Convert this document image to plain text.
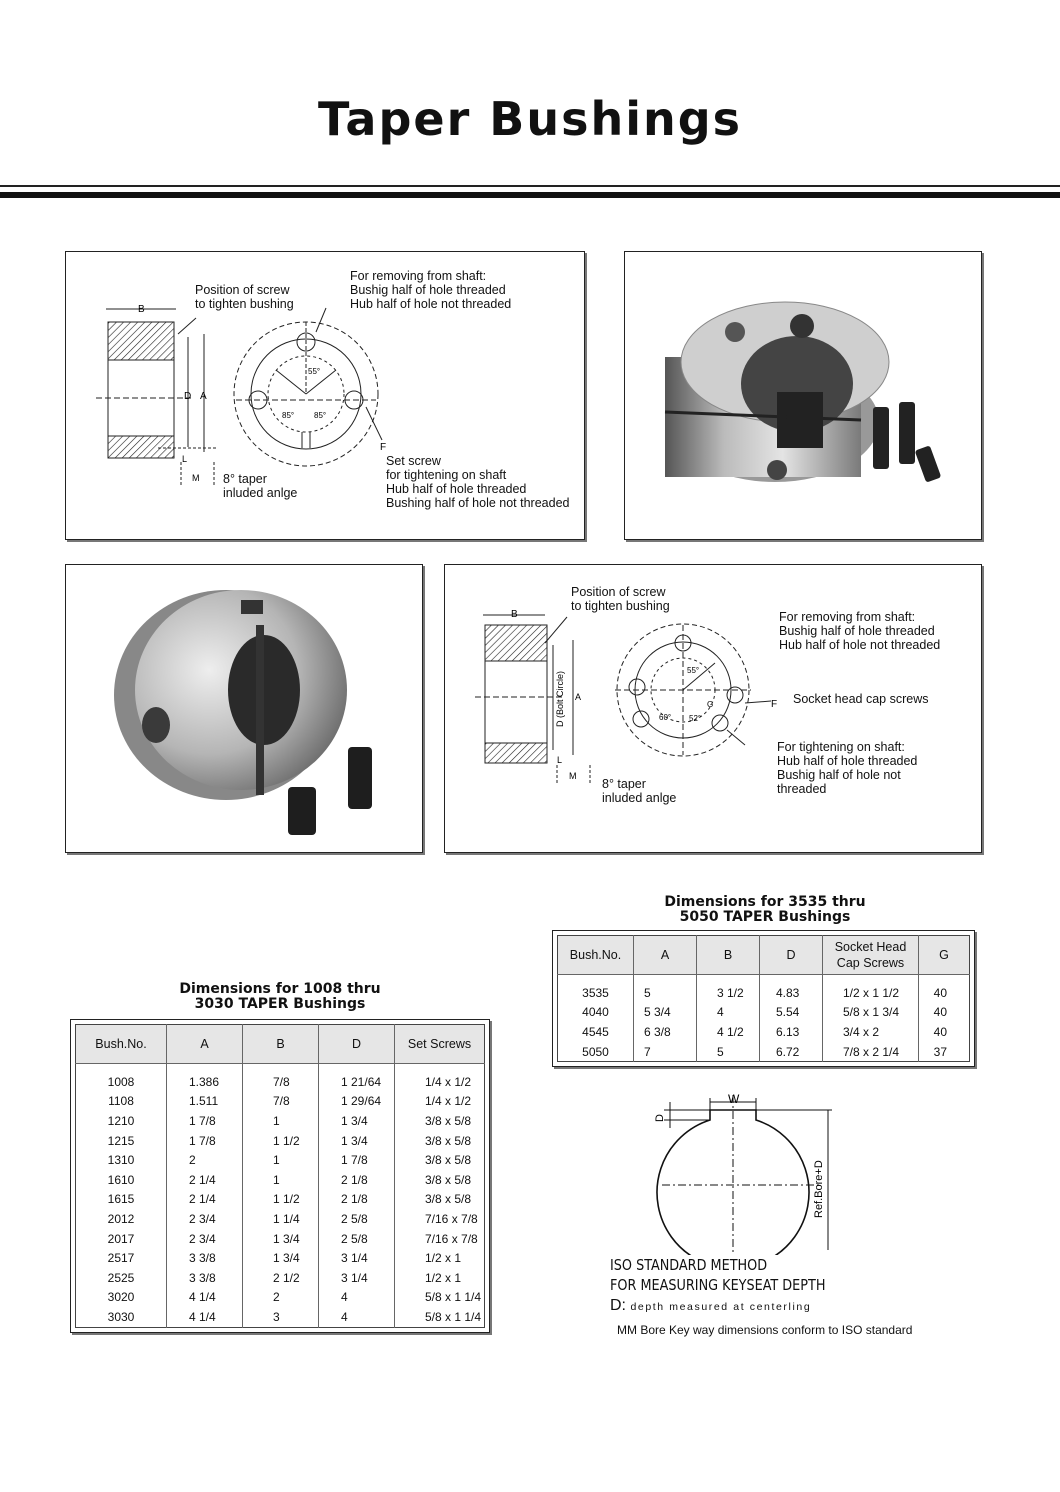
Taper Bushings
B
D A
L
M
F
55°
85° 85°
Position of screw
to tighten bushing
For removing from shaft:
Bushig half of hole threaded
Hub half of hole not threaded
Set screw
for tightening on shaft
Hub half of hole threaded
Bushing half of hole not threaded
8° taper
inluded anlge
B
D (Bolt Circle) A
L
M
F
55°
60° 52°
G
Position of screw
to tighten bushing
For removing from shaft:
Bushig half of hole threaded
Hub half of hole not threaded
Socket head cap screws
For tightening on shaft:
Hub half of hole threaded
Bushig half of hole not
threaded
8° taper
inluded anlge
Dimensions for 1008 thru
3030 TAPER Bushings
Bush.No.	A	B	D	Set Screws
1008	1.386	7/8	1 21/64	1/4 x 1/2
1108	1.511	7/8	1 29/64	1/4 x 1/2
1210	1 7/8	1	1 3/4	3/8 x 5/8
1215	1 7/8	1 1/2	1 3/4	3/8 x 5/8
1310	2	1	1 7/8	3/8 x 5/8
1610	2 1/4	1	2 1/8	3/8 x 5/8
1615	2 1/4	1 1/2	2 1/8	3/8 x 5/8
2012	2 3/4	1 1/4	2 5/8	7/16 x 7/8
2017	2 3/4	1 3/4	2 5/8	7/16 x 7/8
2517	3 3/8	1 3/4	3 1/4	1/2 x 1
2525	3 3/8	2 1/2	3 1/4	1/2 x 1
3020	4 1/4	2	4	5/8 x 1 1/4
3030	4 1/4	3	4	5/8 x 1 1/4
Dimensions for 3535 thru
5050 TAPER Bushings
Bush.No.	A	B	D	Socket Head
Cap Screws	G
3535	5	3 1/2	4.83	1/2 x 1 1/2	40
4040	5 3/4	4	5.54	5/8 x 1 3/4	40
4545	6 3/8	4 1/2	6.13	3/4 x 2	40
5050	7	5	6.72	7/8 x 2 1/4	37
W
D
Ref.Bore+D
ISO STANDARD METHOD
FOR MEASURING KEYSEAT DEPTH
D: depth measured at centerling
MM Bore Key way dimensions conform to ISO standard
